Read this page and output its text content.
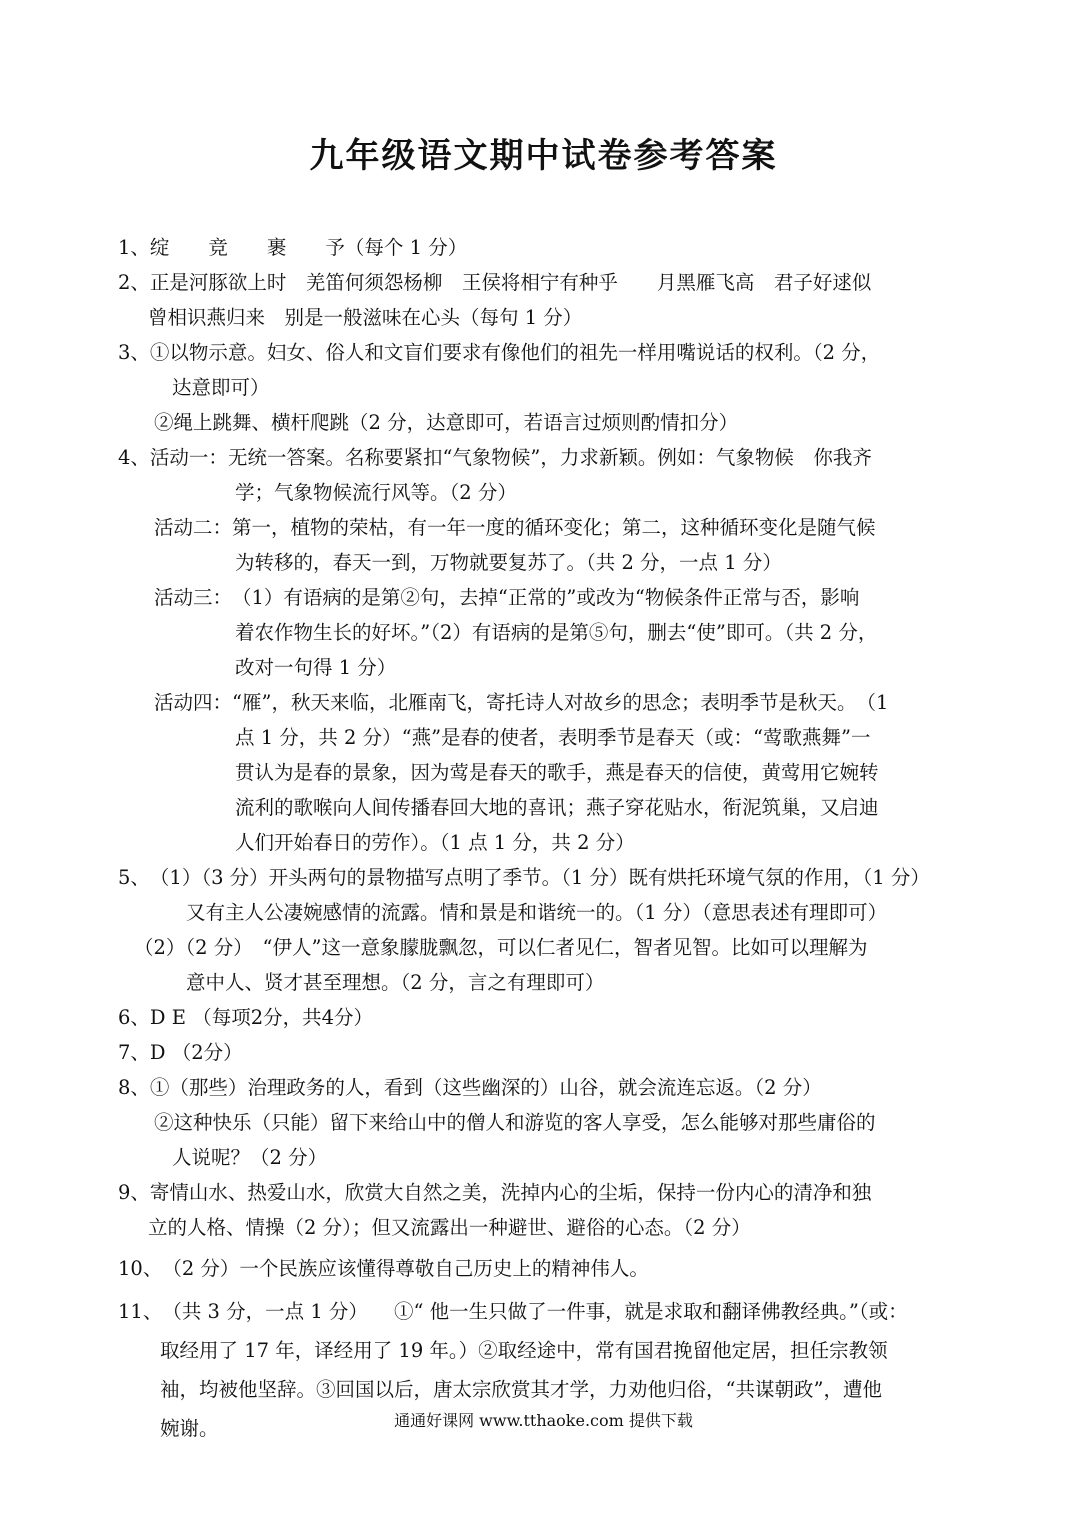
九年级语文期中试卷参考答案
1、 绽　　竞　　裹　　予（每个 1 分）
2、 正是河豚欲上时　羌笛何须怨杨柳　王侯将相宁有种乎　　月黑雁飞高　君子好逑似
曾相识燕归来　别是一般滋味在心头（每句 1 分）
3、 ①以物示意。妇女、俗人和文盲们要求有像他们的祖先一样用嘴说话的权利。（2 分，
达意即可）
②绳上跳舞、横杆爬跳（2 分，达意即可，若语言过烦则酌情扣分）
4、 活动一： 无统一答案。名称要紧扣“气象物候”，力求新颖。例如：气象物候　你我齐
学；气象物候流行风等。（2 分）
活动二： 第一，植物的荣枯，有一年一度的循环变化；第二，这种循环变化是随气候
为转移的，春天一到，万物就要复苏了。（共 2 分，一点 1 分）
活动三： （1）有语病的是第②句，去掉“正常的”或改为“物候条件正常与否，影响
着农作物生长的好坏。”（2）有语病的是第⑤句，删去“使”即可。（共 2 分，
改对一句得 1 分）
活动四： “雁”，秋天来临，北雁南飞，寄托诗人对故乡的思念；表明季节是秋天。　（1
点 1 分，共 2 分）“燕”是春的使者，表明季节是春天（或：“莺歌燕舞”一
贯认为是春的景象，因为莺是春天的歌手，燕是春天的信使，黄莺用它婉转
流利的歌喉向人间传播春回大地的喜讯；燕子穿花贴水，衔泥筑巢，又启迪
人们开始春日的劳作）。（1 点 1 分，共 2 分）
5、 （1）（3 分）开头两句的景物描写点明了季节。（1 分）既有烘托环境气氛的作用，（1 分）
又有主人公凄婉感情的流露。情和景是和谐统一的。（1 分）（意思表述有理即可）
（2）（2 分）　“伊人”这一意象朦胧飘忽，可以仁者见仁，智者见智。比如可以理解为
意中人、贤才甚至理想。（2 分，言之有理即可）
6、 D E （每项2分，共4分）
7、 D （2分）
8、 ①（那些）治理政务的人，看到（这些幽深的）山谷，就会流连忘返。（2 分）
②这种快乐（只能）留下来给山中的僧人和游览的客人享受，怎么能够对那些庸俗的
人说呢？（2 分）
9、 寄情山水、热爱山水，欣赏大自然之美，洗掉内心的尘垢，保持一份内心的清净和独
立的人格、情操（2 分）；但又流露出一种避世、避俗的心态。（2 分）
10、 （2 分）一个民族应该懂得尊敬自己历史上的精神伟人。
11、 （共 3 分，一点 1 分） ①“ 他一生只做了一件事，就是求取和翻译佛教经典。”（或：
取经用了 17 年，译经用了 19 年。）②取经途中，常有国君挽留他定居，担任宗教领
袖，均被他坚辞。③回国以后，唐太宗欣赏其才学，力劝他归俗，“共谋朝政”，遭他
婉谢。	通通好课网 www.tthaoke.com 提供下载
